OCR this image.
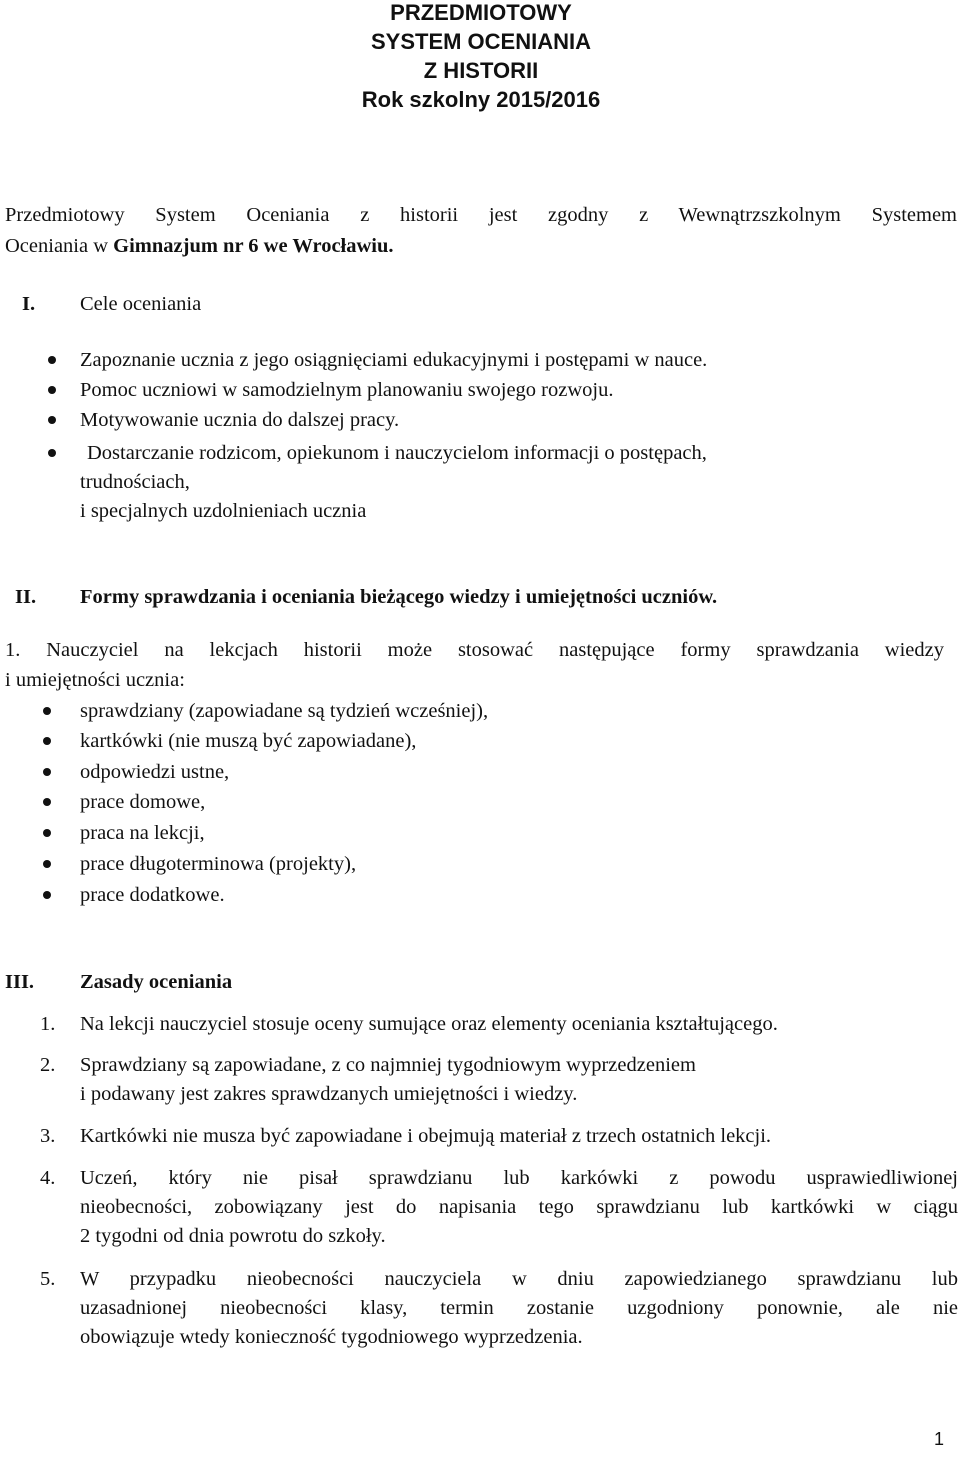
PRZEDMIOTOWY
SYSTEM OCENIANIA
Z HISTORII
Rok szkolny 2015/2016
Przedmiotowy System Oceniania z historii jest zgodny z Wewnątrzszkolnym Systemem
Oceniania w Gimnazjum nr 6 we Wrocławiu.
I. Cele oceniania
Zapoznanie ucznia z jego osiągnięciami edukacyjnymi i postępami w nauce.
Pomoc uczniowi w samodzielnym planowaniu swojego rozwoju.
Motywowanie ucznia do dalszej pracy.
Dostarczanie rodzicom, opiekunom i nauczycielom informacji o postępach,
trudnościach,
i specjalnych uzdolnieniach ucznia
II. Formy sprawdzania i oceniania bieżącego wiedzy i umiejętności uczniów.
1. Nauczyciel na lekcjach historii może stosować następujące formy sprawdzania wiedzy
i umiejętności ucznia:
sprawdziany (zapowiadane są tydzień wcześniej),
kartkówki (nie muszą być zapowiadane),
odpowiedzi ustne,
prace domowe,
praca na lekcji,
prace długoterminowa (projekty),
prace dodatkowe.
III. Zasady oceniania
1. Na lekcji nauczyciel stosuje oceny sumujące oraz elementy oceniania kształtującego.
2. Sprawdziany są zapowiadane, z co najmniej tygodniowym wyprzedzeniem
i podawany jest zakres sprawdzanych umiejętności i wiedzy.
3. Kartkówki nie musza być zapowiadane i obejmują materiał z trzech ostatnich lekcji.
4. Uczeń, który nie pisał sprawdzianu lub karkówki z powodu usprawiedliwionej
nieobecności, zobowiązany jest do napisania tego sprawdzianu lub kartkówki w ciągu
2 tygodni od dnia powrotu do szkoły.
5. W przypadku nieobecności nauczyciela w dniu zapowiedzianego sprawdzianu lub
uzasadnionej nieobecności klasy, termin zostanie uzgodniony ponownie, ale nie
obowiązuje wtedy konieczność tygodniowego wyprzedzenia.
1
